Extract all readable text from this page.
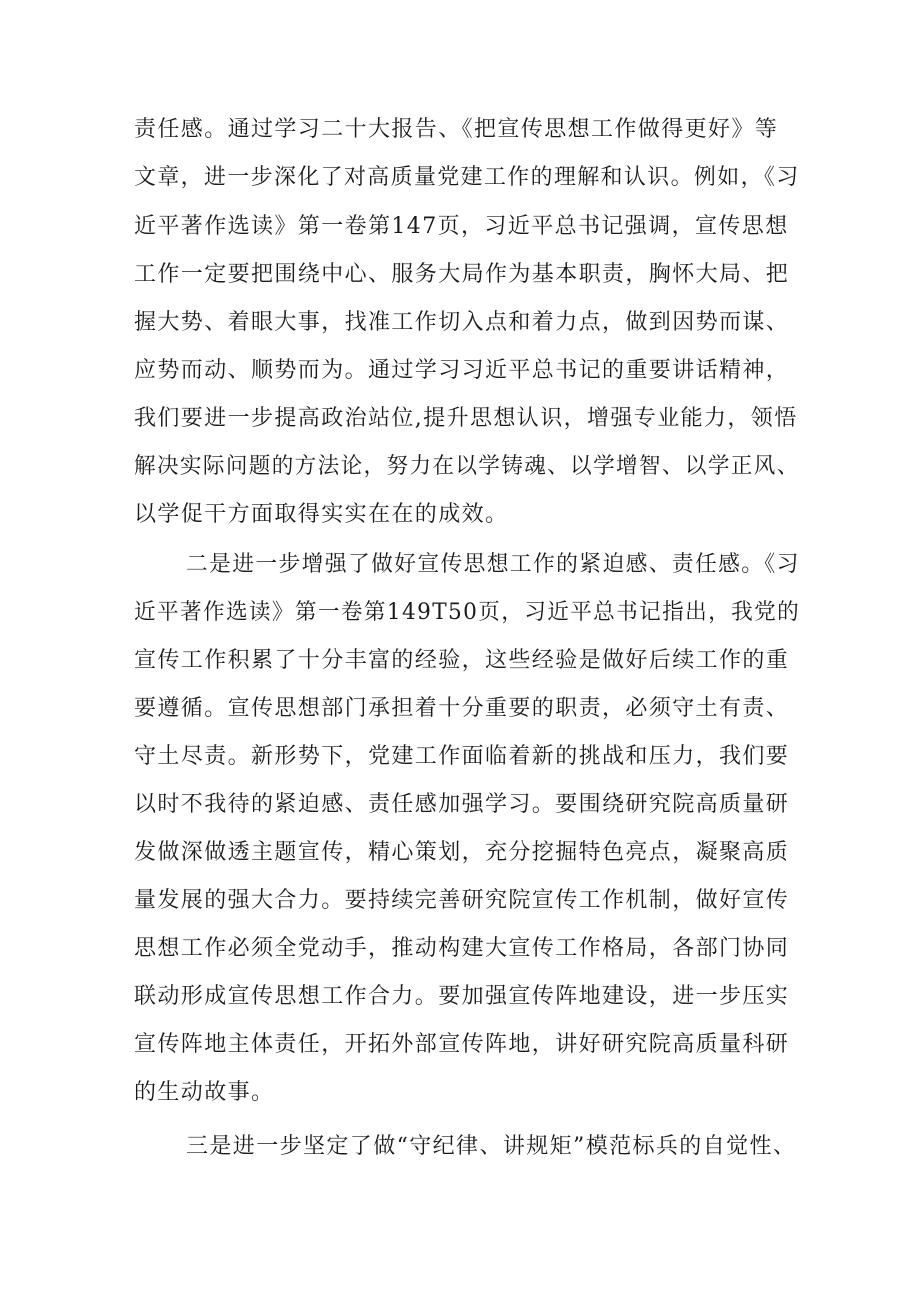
责任感。通过学习二十大报告、《把宣传思想工作做得更好》等
文章，进一步深化了对高质量党建工作的理解和认识。例如，《习
近平著作选读》第一卷第147页，习近平总书记强调，宣传思想
工作一定要把围绕中心、服务大局作为基本职责，胸怀大局、把
握大势、着眼大事，找准工作切入点和着力点，做到因势而谋、
应势而动、顺势而为。通过学习习近平总书记的重要讲话精神，
我们要进一步提高政治站位,提升思想认识，增强专业能力，领悟
解决实际问题的方法论，努力在以学铸魂、以学增智、以学正风、
以学促干方面取得实实在在的成效。
二是进一步增强了做好宣传思想工作的紧迫感、责任感。《习
近平著作选读》第一卷第149T50页，习近平总书记指出，我党的
宣传工作积累了十分丰富的经验，这些经验是做好后续工作的重
要遵循。宣传思想部门承担着十分重要的职责，必须守土有责、
守土尽责。新形势下，党建工作面临着新的挑战和压力，我们要
以时不我待的紧迫感、责任感加强学习。要围绕研究院高质量研
发做深做透主题宣传，精心策划，充分挖掘特色亮点，凝聚高质
量发展的强大合力。要持续完善研究院宣传工作机制，做好宣传
思想工作必须全党动手，推动构建大宣传工作格局，各部门协同
联动形成宣传思想工作合力。要加强宣传阵地建设，进一步压实
宣传阵地主体责任，开拓外部宣传阵地，讲好研究院高质量科研
的生动故事。
三是进一步坚定了做“守纪律、讲规矩”模范标兵的自觉性、
